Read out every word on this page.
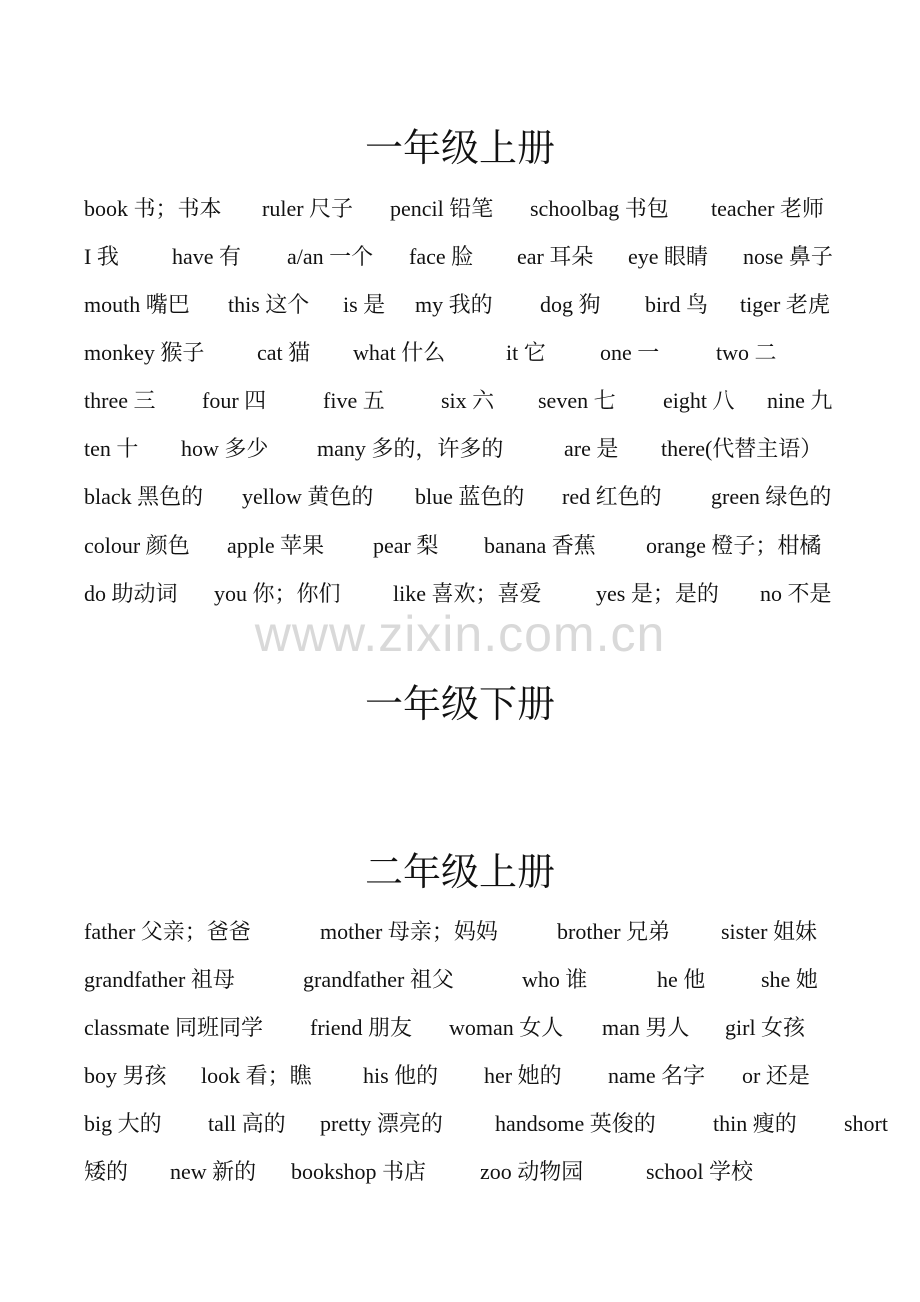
一年级上册
book 书；书本 ruler 尺子 pencil 铅笔 schoolbag 书包 teacher 老师
I 我 have 有 a/an 一个 face 脸 ear 耳朵 eye 眼睛 nose 鼻子
mouth 嘴巴 this 这个 is 是 my 我的 dog 狗 bird 鸟 tiger 老虎
monkey 猴子 cat 猫 what 什么	it 它 one 一	two 二
three 三 four 四	five 五	six 六 seven 七 eight 八 nine 九
ten 十 how 多少 many 多的，许多的	are 是 there(代替主语）
black 黑色的 yellow 黄色的 blue 蓝色的 red 红色的 green 绿色的
colour 颜色 apple 苹果 pear 梨 banana 香蕉 orange 橙子；柑橘
do 助动词 you 你；你们 like 喜欢；喜爱 yes 是；是的 no 不是
www.zixin.com.cn
一年级下册
二年级上册
father 父亲；爸爸	mother 母亲；妈妈	brother 兄弟 sister 姐妹
grandfather 祖母	grandfather 祖父	who 谁	he 他	she 她
classmate 同班同学 friend 朋友 woman 女人 man 男人 girl 女孩
boy 男孩 look 看；瞧 his 他的 her 她的 name 名字 or 还是
big 大的 tall 高的 pretty 漂亮的 handsome 英俊的	thin 瘦的 short
矮的 new 新的 bookshop 书店 zoo 动物园	school 学校
